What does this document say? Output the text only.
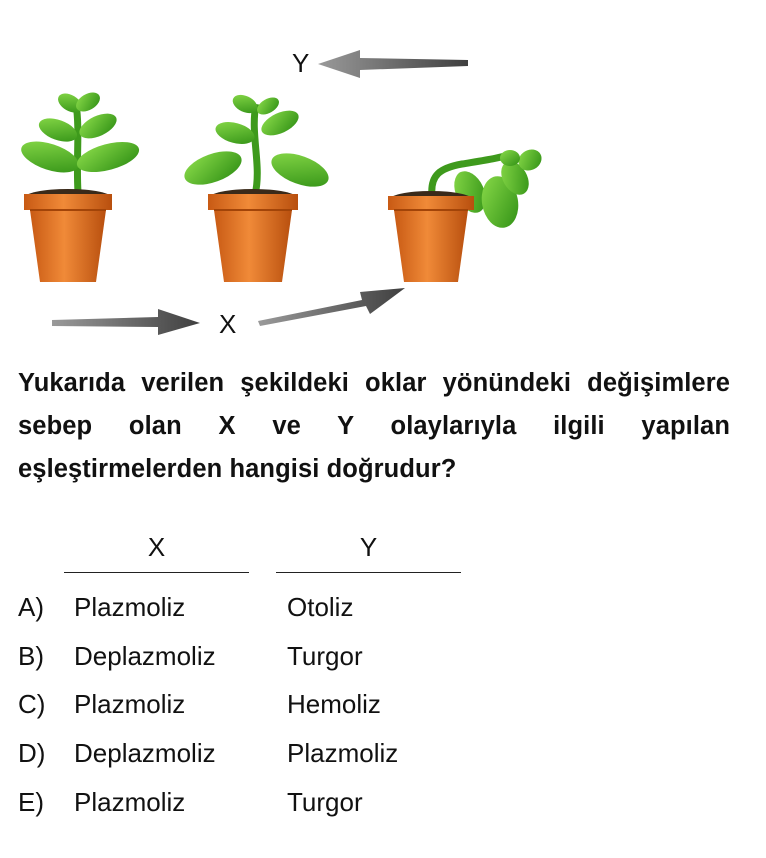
Y
X
Yukarıda verilen şekildeki oklar yönündeki değişimlere sebep olan X ve Y olaylarıyla ilgili yapılan eşleştirmelerden hangisi doğrudur?
X	Y
A) Plazmoliz	Otoliz
B) Deplazmoliz	Turgor
C) Plazmoliz	Hemoliz
D) Deplazmoliz	Plazmoliz
E) Plazmoliz	Turgor
